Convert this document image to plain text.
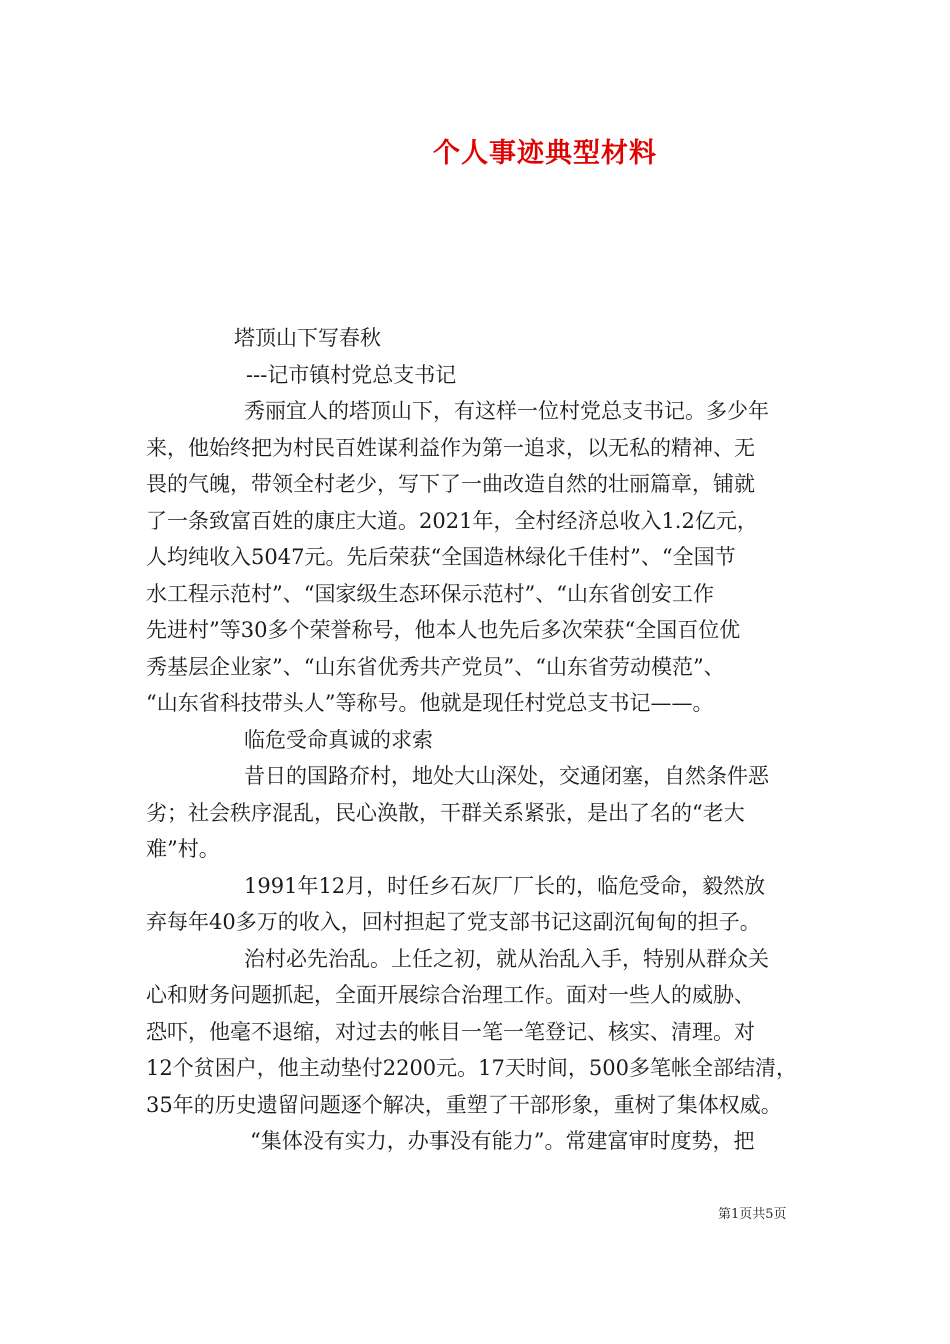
个人事迹典型材料
塔顶山下写春秋
---记市镇村党总支书记
秀丽宜人的塔顶山下，有这样一位村党总支书记。多少年
来，他始终把为村民百姓谋利益作为第一追求，以无私的精神、无
畏的气魄，带领全村老少，写下了一曲改造自然的壮丽篇章，铺就
了一条致富百姓的康庄大道。2021年，全村经济总收入1.2亿元，
人均纯收入5047元。先后荣获“全国造林绿化千佳村”、“全国节
水工程示范村”、“国家级生态环保示范村”、“山东省创安工作
先进村”等30多个荣誉称号，他本人也先后多次荣获“全国百位优
秀基层企业家”、“山东省优秀共产党员”、“山东省劳动模范”、
“山东省科技带头人”等称号。他就是现任村党总支书记——。
临危受命真诚的求索
昔日的国路夼村，地处大山深处，交通闭塞，自然条件恶
劣；社会秩序混乱，民心涣散，干群关系紧张，是出了名的“老大
难”村。
1991年12月，时任乡石灰厂厂长的，临危受命，毅然放
弃每年40多万的收入，回村担起了党支部书记这副沉甸甸的担子。
治村必先治乱。上任之初，就从治乱入手，特别从群众关
心和财务问题抓起，全面开展综合治理工作。面对一些人的威胁、
恐吓，他毫不退缩，对过去的帐目一笔一笔登记、核实、清理。对
12个贫困户，他主动垫付2200元。17天时间，500多笔帐全部结清，
35年的历史遗留问题逐个解决，重塑了干部形象，重树了集体权威。
“集体没有实力，办事没有能力”。常建富审时度势，把
第1页共5页
